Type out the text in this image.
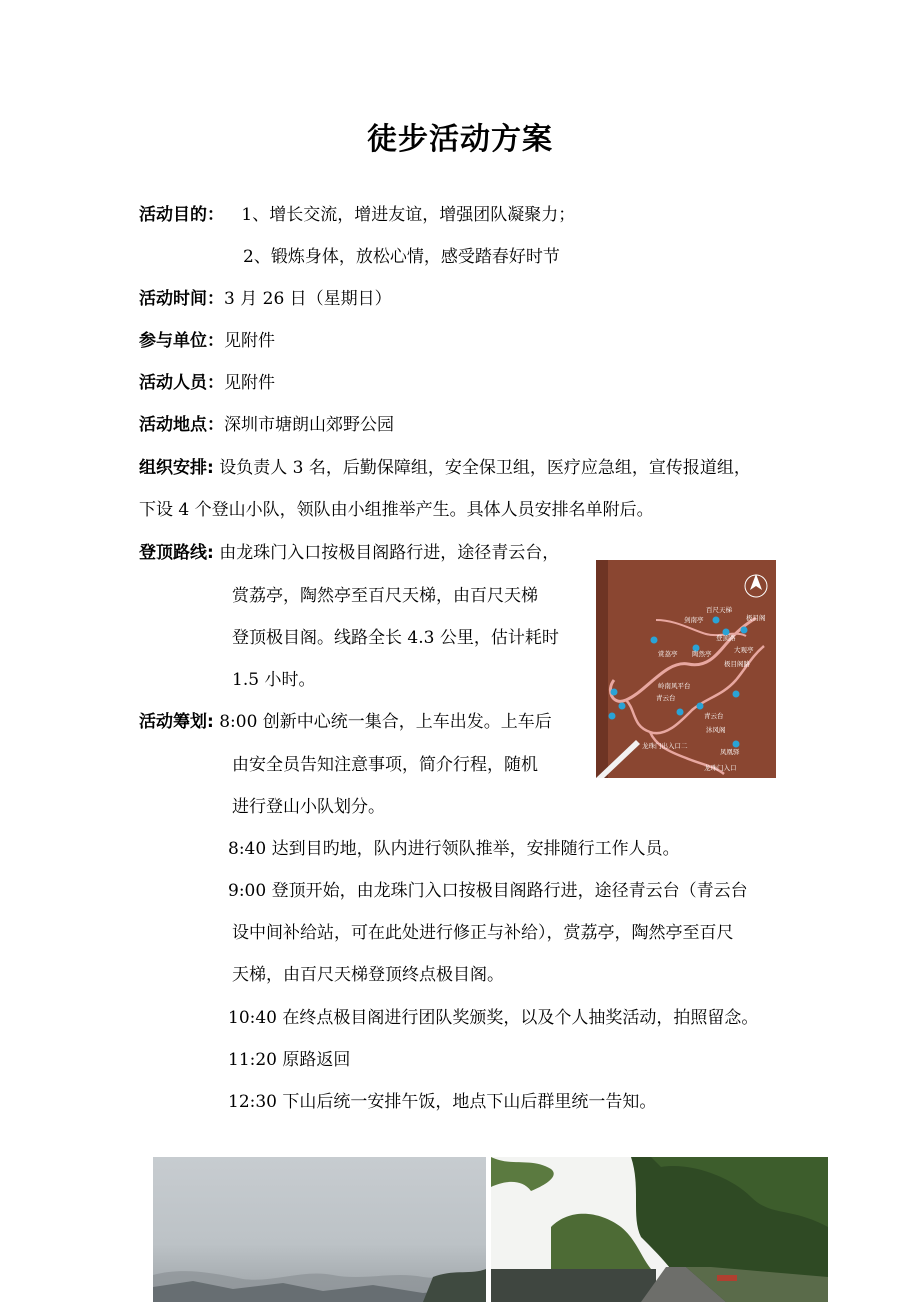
徒步活动方案
活动目的： 1、增长交流，增进友谊，增强团队凝聚力；
2、锻炼身体，放松心情，感受踏春好时节
活动时间：3 月 26 日（星期日）
参与单位：见附件
活动人员：见附件
活动地点：深圳市塘朗山郊野公园
组织安排: 设负责人 3 名，后勤保障组，安全保卫组，医疗应急组，宣传报道组，
下设 4 个登山小队，领队由小组推举产生。具体人员安排名单附后。
登顶路线: 由龙珠门入口按极目阁路行进，途径青云台，
赏荔亭，陶然亭至百尺天梯，由百尺天梯
登顶极目阁。线路全长 4.3 公里，估计耗时
1.5 小时。
活动筹划: 8:00 创新中心统一集合，上车出发。上车后
由安全员告知注意事项，简介行程，随机
进行登山小队划分。
8:40 达到目旳地，队内进行领队推举，安排随行工作人员。
9:00 登顶开始，由龙珠门入口按极目阁路行进，途径青云台（青云台
设中间补给站，可在此处进行修正与补给），赏荔亭，陶然亭至百尺
天梯，由百尺天梯登顶终点极目阁。
10:40 在终点极目阁进行团队奖颁奖，以及个人抽奖活动，拍照留念。
11:20 原路返回
12:30 下山后统一安排午饭，地点下山后群里统一告知。
剑南亭
百尺天梯
极目阁
赏荔亭 陶然亭
登顶路
大观亭
极目阁路
青云台
岭南风平台
青云台
龙珠门出入口二
沐风阁
凤凰驿
龙珠门入口
